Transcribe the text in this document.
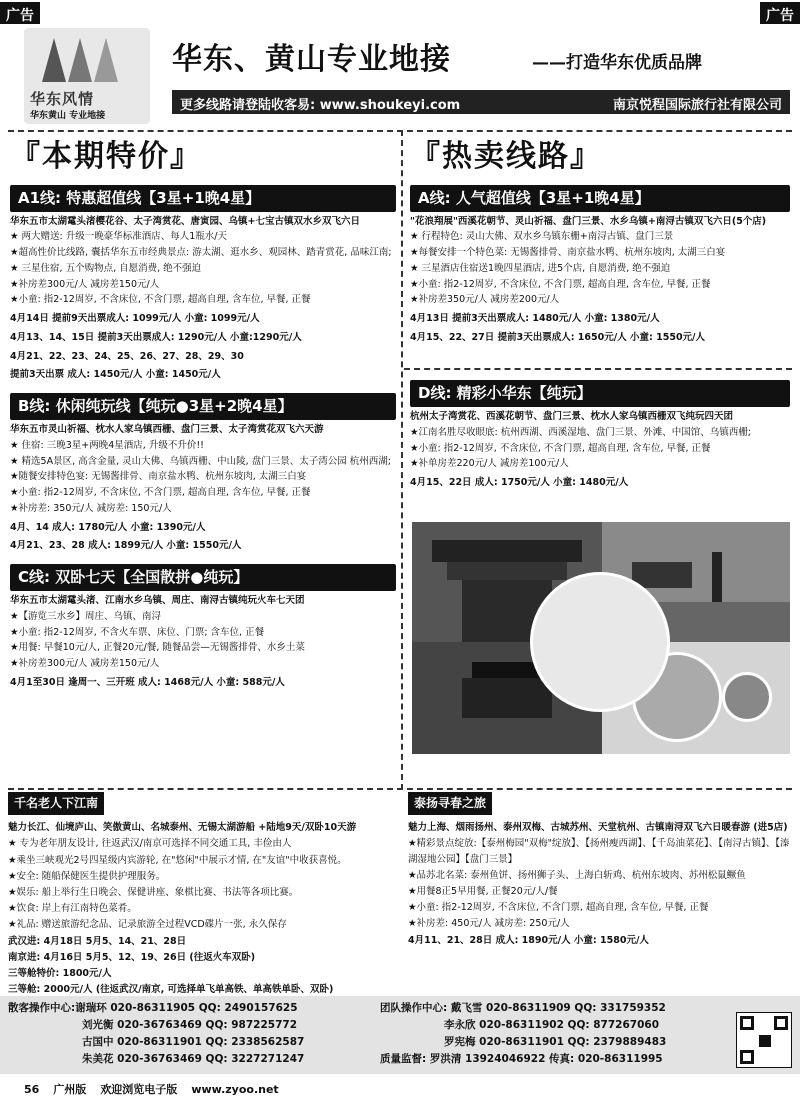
广告	广告
华东风情
华东黄山 专业地接
华东、黄山专业地接	——打造华东优质品牌
更多线路请登陆收客易: www.shoukeyi.com	南京悦程国际旅行社有限公司
『本期特价』
A1线: 特惠超值线【3星+1晚4星】
华东五市太湖鼋头渚樱花谷、太子湾赏花、唐寅园、乌镇+七宝古镇双水乡双飞六日
★ 两大赠送: 升级一晚豪华标准酒店、每人1瓶水/天
★超高性价比线路, 囊括华东五市经典景点: 游太湖、逛水乡、观园林、踏青赏花, 品味江南;
★ 三星住宿, 五个购物点, 自愿消费, 绝不强迫
★补房差300元/人 减房差150元/人
★小童: 指2-12周岁, 不含床位, 不含门票, 超高自理, 含车位, 早餐, 正餐
4月14日 提前9天出票成人: 1099元/人 小童: 1099元/人
4月13、14、15日 提前3天出票成人: 1290元/人 小童:1290元/人
4月21、22、23、24、25、26、27、28、29、30
提前3天出票 成人: 1450元/人 小童: 1450元/人
B线: 休闲纯玩线【纯玩●3星+2晚4星】
华东五市灵山祈福、枕水人家乌镇西栅、盘门三景、太子湾赏花双飞六天游
★ 住宿: 三晚3星+两晚4星酒店, 升级不升价!!
★ 精选5A景区, 高含金量, 灵山大佛、乌镇西栅、中山陵, 盘门三景、太子湾公园 杭州西湖;
★随餐安排特色宴: 无锡酱排骨、南京盐水鸭、杭州东坡肉, 太湖三白宴
★小童: 指2-12周岁, 不含床位, 不含门票, 超高自理, 含车位, 早餐, 正餐
★补房差: 350元/人 减房差: 150元/人
4月、14 成人: 1780元/人 小童: 1390元/人
4月21、23、28 成人: 1899元/人 小童: 1550元/人
C线: 双卧七天【全国散拼●纯玩】
华东五市太湖鼋头渚、江南水乡乌镇、周庄、南浔古镇纯玩火车七天团
★【游览三水乡】周庄、乌镇、南浔
★小童: 指2-12周岁, 不含火车票、床位、门票; 含车位, 正餐
★用餐: 早餐10元/人, 正餐20元/餐, 随餐品尝—无锡酱排骨、水乡土菜
★补房差300元/人 减房差150元/人
4月1至30日 逢周一、三开班 成人: 1468元/人 小童: 588元/人
『热卖线路』
A线: 人气超值线【3星+1晚4星】
"花浪翔展"西溪花朝节、灵山祈福、盘门三景、水乡乌镇+南浔古镇双飞六日(5个店)
★ 行程特色: 灵山大佛、双水乡乌镇东栅+南浔古镇、盘门三景
★每餐安排一个特色菜: 无锡酱排骨、南京盐水鸭、杭州东坡肉, 太湖三白宴
★ 三星酒店住宿送1晚四星酒店, 进5个店, 自愿消费, 绝不强迫
★小童: 指2-12周岁, 不含床位, 不含门票, 超高自理, 含车位, 早餐, 正餐
★补房差350元/人 减房差200元/人
4月13日 提前3天出票成人: 1480元/人 小童: 1380元/人
4月15、22、27日 提前3天出票成人: 1650元/人 小童: 1550元/人
D线: 精彩小华东【纯玩】
杭州太子湾赏花、西溪花朝节、盘门三景、枕水人家乌镇西栅双飞纯玩四天团
★江南名胜尽收眼底: 杭州西湖、西溪湿地、盘门三景、外滩、中国馆、乌镇西栅;
★小童: 指2-12周岁, 不含床位, 不含门票, 超高自理, 含车位, 早餐, 正餐
★补单房差220元/人 减房差100元/人
4月15、22日 成人: 1750元/人 小童: 1480元/人
千名老人下江南
魅力长江、仙境庐山、笑傲黄山、名城泰州、无锡太湖游船 +陆地9天/双卧10天游
★ 专为老年朋友设计, 往返武汉/南京可选择不同交通工具, 丰俭由人
★乘坐三峡观光2号四星级内宾游轮, 在"悠闲"中展示才情, 在"友谊"中收获喜悦。
★安全: 随船保健医生提供护理服务。
★娱乐: 船上举行生日晚会、保健讲座、象棋比赛、书法等各项比赛。
★饮食: 岸上有江南特色菜肴。
★礼品: 赠送旅游纪念品、记录旅游全过程VCD碟片一张, 永久保存
武汉进: 4月18日 5月5、14、21、28日
南京进: 4月16日 5月5、12、19、26日 (往返火车双卧)
三等舱特价: 1800元/人
三等舱: 2000元/人 (往返武汉/南京, 可选择单飞单高铁、单高铁单卧、双卧)
泰扬寻春之旅
魅力上海、烟雨扬州、泰州双梅、古城苏州、天堂杭州、古镇南浔双飞六日暖春游 (进5店)
★精彩景点绽放:【泰州梅园"双梅"绽放】、【扬州瘦西湖】、【千岛油菜花】、【南浔古镇】、【溱湖湿地公园】【盘门三景】
★品苏北名菜: 泰州鱼饼、扬州狮子头、上海白斩鸡、杭州东坡肉、苏州松鼠鳜鱼
★用餐8正5早用餐, 正餐20元/人/餐
★小童: 指2-12周岁, 不含床位, 不含门票, 超高自理, 含车位, 早餐, 正餐
★补房差: 450元/人 减房差: 250元/人
4月11、21、28日 成人: 1890元/人 小童: 1580元/人
散客操作中心:谢瑞环 020-86311905 QQ: 2490157625	团队操作中心: 戴飞雪 020-86311909 QQ: 331759352
刘光衡 020-36763469 QQ: 987225772	李永欣 020-86311902 QQ: 877267060
古国中 020-86311901 QQ: 2338562587	罗宪梅 020-86311901 QQ: 2379889483
朱美花 020-36763469 QQ: 3227271247	质量监督: 罗洪清 13924046922 传真: 020-86311995
56 广州版 欢迎浏览电子版 www.zyoo.net
